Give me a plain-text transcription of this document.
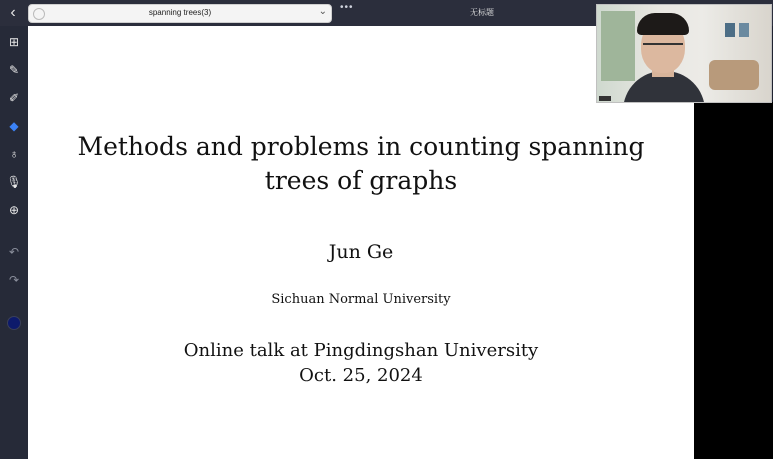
‹	spanning trees(3)	⌄ •••	无标题
⊞
✎
✐
◆
♁
🎙
⊕
↶
↷
Methods and problems in counting spanning
trees of graphs
Jun Ge
Sichuan Normal University
Online talk at Pingdingshan University
Oct. 25, 2024
